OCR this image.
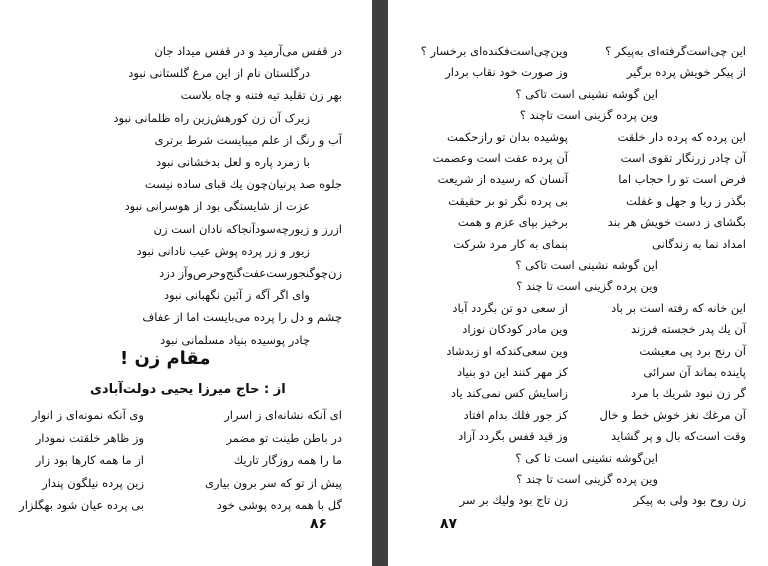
در قفس می‌آرمید و در قفس میداد جان
درگلستان نام از این مرغ گلستانی نبود
بهر زن تقلید تیه فتنه و چاه بلاست
زیرک آن زن کورهش‌زین راه ظلمانی نبود
آب و رنگ از علم میبایست شرط برتری
با زمرد پاره و لعل بدخشانی نبود
جلوه صد پرنیان‌چون یك قبای ساده نیست
عزت از شایستگی بود از هوسرانی نبود
ازرز و زیورچه‌سودآنجاکه نادان است زن
زیور و زر پرده پوش عیب نادانی نبود
زن‌چوگنجورست‌عفت‌گنج‌وحرص‌وآز دزد
وای اگر آگه ز آئین نگهبانی نبود
چشم و دل را پرده می‌بایست اما از عفاف
چادر پوسیده بنیاد مسلمانی نبود
مقام زن !
از : حاج میرزا یحیی دولت‌آبادی
ای آنکه نشانه‌ای ز اسرار
در باطن طینت تو مضمر
ما را همه روزگار تاریك
پیش از تو که سر برون بیاری
گل با همه پرده پوشی خود
وی آنکه نمونه‌ای ز انوار
وز ظاهر خلقتت نمودار
از ما همه کارها بود زار
زین پرده نیلگون پندار
بی پرده عیان شود بهگلزار
۸۶
این چی‌است‌گرفته‌ای به‌پیکر ؟
وین‌چی‌است‌فکنده‌ای برخسار ؟
از پیکر خویش پرده برگیر
وز صورت خود نقاب بردار
این گوشه نشینی است تاکی ؟
وین پرده گزینی است تاچند ؟
این پرده که پرده دار خلقت
پوشیده بدان تو رازحکمت
آن چادر زرنگار تقوی است
آن پرده عفت است وعصمت
فرض است تو را حجاب اما
آنسان که رسیده از شریعت
بگذر ز ریا و جهل و غفلت
بی پرده نگر تو بر حقیقت
بگشای ز دست خویش هر بند
برخیز بپای عزم و همت
امداد نما به زندگانی
بنمای به کار مرد شرکت
این گوشه نشینی است تاکی ؟
وین پرده گزینی است تا چند ؟
این خانه که رفته است بر باد
از سعی دو تن بگردد آباد
آن یك پدر خجسته فرزند
وین مادر کودکان نوزاد
آن رنج برد پی معیشت
وین سعی‌کندکه او زبدشاد
پاینده بماند آن سرائی
کز مهر کنند این دو بنیاد
گر زن نبود شریك با مرد
زاسایش کس نمی‌کند یاد
آن مرغك نغز خوش خط و خال
کز جور فلك بدام افتاد
وقت است‌که بال و پر گشاید
وز قید قفس بگردد آزاد
این‌گوشه نشینی است تا کی ؟
وین پرده گزینی است تا چند ؟
زن روح بود ولی به پیکر
زن تاج بود ولیك بر سر
۸۷
